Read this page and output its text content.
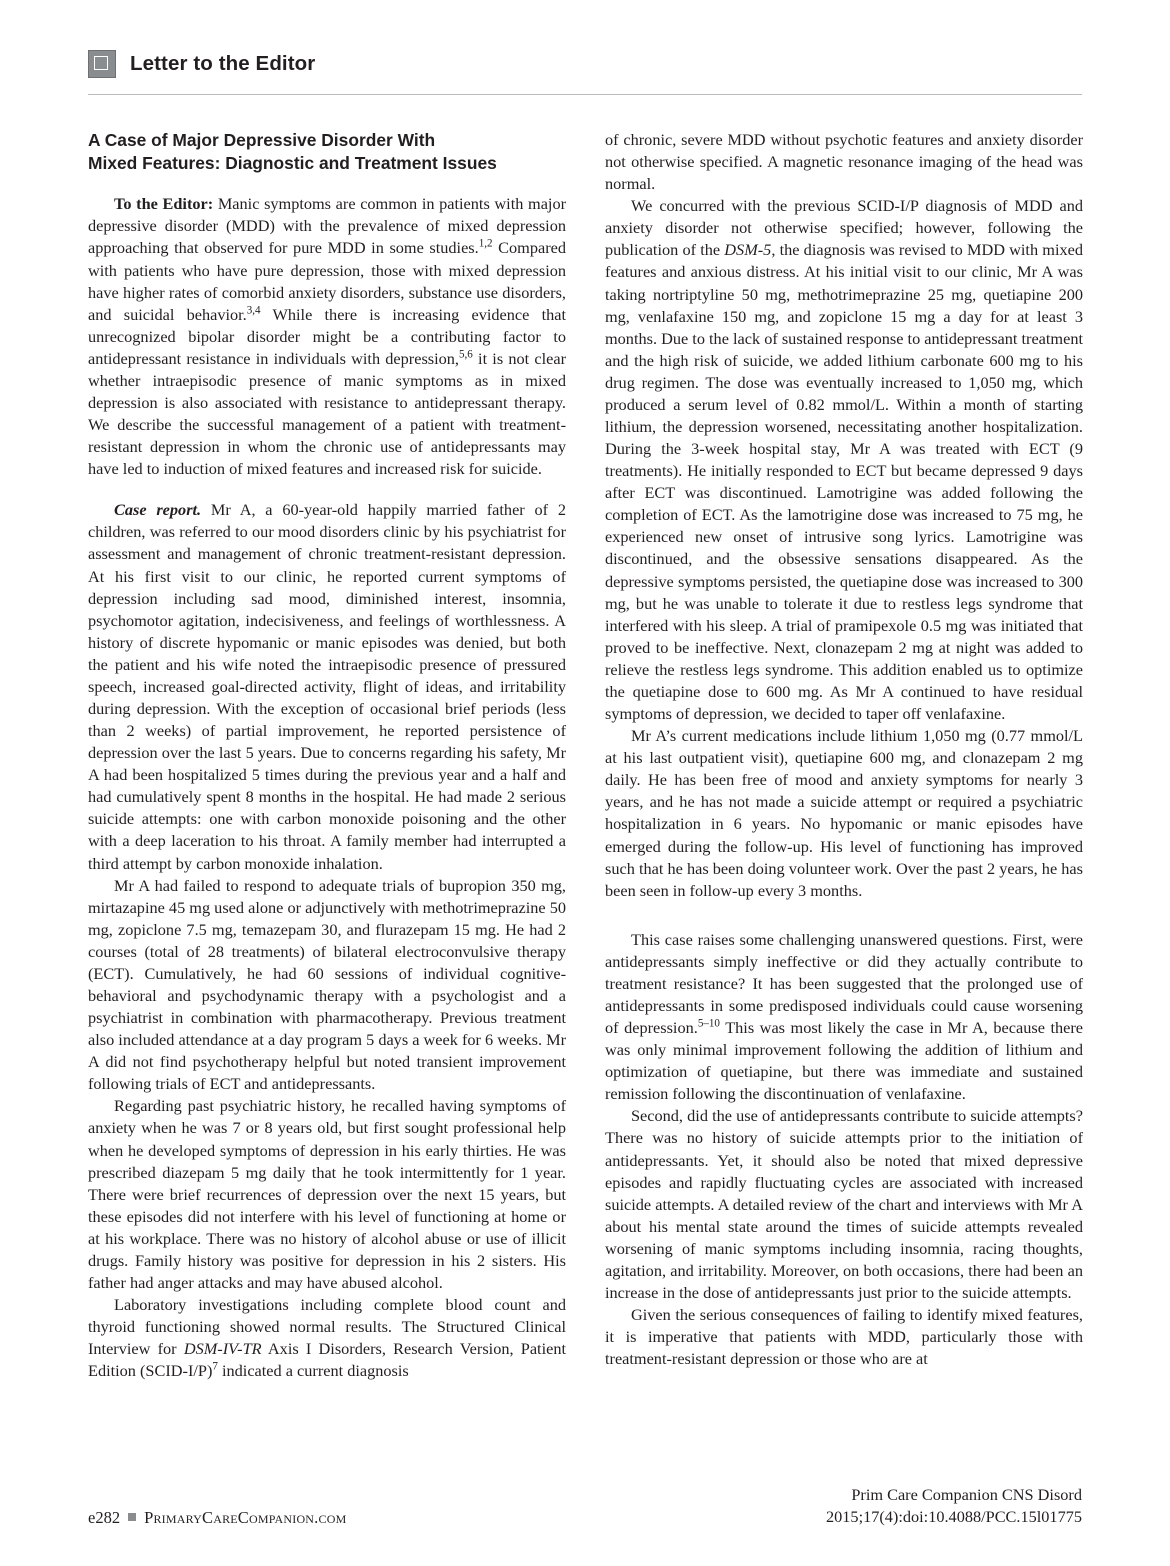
Letter to the Editor
A Case of Major Depressive Disorder With
Mixed Features: Diagnostic and Treatment Issues

To the Editor: Manic symptoms are common in patients with major depressive disorder (MDD) with the prevalence of mixed depression approaching that observed for pure MDD in some studies.$^{1,2}$ Compared with patients who have pure depression, those with mixed depression have higher rates of comorbid anxiety disorders, substance use disorders, and suicidal behavior.$^{3,4}$ While there is increasing evidence that unrecognized bipolar disorder might be a contributing factor to antidepressant resistance in individuals with depression,$^{5,6}$ it is not clear whether intraepisodic presence of manic symptoms as in mixed depression is also associated with resistance to antidepressant therapy. We describe the successful management of a patient with treatment-resistant depression in whom the chronic use of antidepressants may have led to induction of mixed features and increased risk for suicide.

Case report. Mr A, a 60-year-old happily married father of 2 children, was referred to our mood disorders clinic by his psychiatrist for assessment and management of chronic treatment-resistant depression. At his first visit to our clinic, he reported current symptoms of depression including sad mood, diminished interest, insomnia, psychomotor agitation, indecisiveness, and feelings of worthlessness. A history of discrete hypomanic or manic episodes was denied, but both the patient and his wife noted the intraepisodic presence of pressured speech, increased goal-directed activity, flight of ideas, and irritability during depression. With the exception of occasional brief periods (less than 2 weeks) of partial improvement, he reported persistence of depression over the last 5 years. Due to concerns regarding his safety, Mr A had been hospitalized 5 times during the previous year and a half and had cumulatively spent 8 months in the hospital. He had made 2 serious suicide attempts: one with carbon monoxide poisoning and the other with a deep laceration to his throat. A family member had interrupted a third attempt by carbon monoxide inhalation.

Mr A had failed to respond to adequate trials of bupropion 350 mg, mirtazapine 45 mg used alone or adjunctively with methotrimeprazine 50 mg, zopiclone 7.5 mg, temazepam 30, and flurazepam 15 mg. He had 2 courses (total of 28 treatments) of bilateral electroconvulsive therapy (ECT). Cumulatively, he had 60 sessions of individual cognitive-behavioral and psychodynamic therapy with a psychologist and a psychiatrist in combination with pharmacotherapy. Previous treatment also included attendance at a day program 5 days a week for 6 weeks. Mr A did not find psychotherapy helpful but noted transient improvement following trials of ECT and antidepressants.

Regarding past psychiatric history, he recalled having symptoms of anxiety when he was 7 or 8 years old, but first sought professional help when he developed symptoms of depression in his early thirties. He was prescribed diazepam 5 mg daily that he took intermittently for 1 year. There were brief recurrences of depression over the next 15 years, but these episodes did not interfere with his level of functioning at home or at his workplace. There was no history of alcohol abuse or use of illicit drugs. Family history was positive for depression in his 2 sisters. His father had anger attacks and may have abused alcohol.

Laboratory investigations including complete blood count and thyroid functioning showed normal results. The Structured Clinical Interview for DSM-IV-TR Axis I Disorders, Research Version, Patient Edition (SCID-I/P)$^7$ indicated a current diagnosis

of chronic, severe MDD without psychotic features and anxiety disorder not otherwise specified. A magnetic resonance imaging of the head was normal.

We concurred with the previous SCID-I/P diagnosis of MDD and anxiety disorder not otherwise specified; however, following the publication of the DSM-5, the diagnosis was revised to MDD with mixed features and anxious distress. At his initial visit to our clinic, Mr A was taking nortriptyline 50 mg, methotrimeprazine 25 mg, quetiapine 200 mg, venlafaxine 150 mg, and zopiclone 15 mg a day for at least 3 months. Due to the lack of sustained response to antidepressant treatment and the high risk of suicide, we added lithium carbonate 600 mg to his drug regimen. The dose was eventually increased to 1,050 mg, which produced a serum level of 0.82 mmol/L. Within a month of starting lithium, the depression worsened, necessitating another hospitalization. During the 3-week hospital stay, Mr A was treated with ECT (9 treatments). He initially responded to ECT but became depressed 9 days after ECT was discontinued. Lamotrigine was added following the completion of ECT. As the lamotrigine dose was increased to 75 mg, he experienced new onset of intrusive song lyrics. Lamotrigine was discontinued, and the obsessive sensations disappeared. As the depressive symptoms persisted, the quetiapine dose was increased to 300 mg, but he was unable to tolerate it due to restless legs syndrome that interfered with his sleep. A trial of pramipexole 0.5 mg was initiated that proved to be ineffective. Next, clonazepam 2 mg at night was added to relieve the restless legs syndrome. This addition enabled us to optimize the quetiapine dose to 600 mg. As Mr A continued to have residual symptoms of depression, we decided to taper off venlafaxine.

Mr A’s current medications include lithium 1,050 mg (0.77 mmol/L at his last outpatient visit), quetiapine 600 mg, and clonazepam 2 mg daily. He has been free of mood and anxiety symptoms for nearly 3 years, and he has not made a suicide attempt or required a psychiatric hospitalization in 6 years. No hypomanic or manic episodes have emerged during the follow-up. His level of functioning has improved such that he has been doing volunteer work. Over the past 2 years, he has been seen in follow-up every 3 months.

This case raises some challenging unanswered questions. First, were antidepressants simply ineffective or did they actually contribute to treatment resistance? It has been suggested that the prolonged use of antidepressants in some predisposed individuals could cause worsening of depression.$^{5-10}$ This was most likely the case in Mr A, because there was only minimal improvement following the addition of lithium and optimization of quetiapine, but there was immediate and sustained remission following the discontinuation of venlafaxine.

Second, did the use of antidepressants contribute to suicide attempts? There was no history of suicide attempts prior to the initiation of antidepressants. Yet, it should also be noted that mixed depressive episodes and rapidly fluctuating cycles are associated with increased suicide attempts. A detailed review of the chart and interviews with Mr A about his mental state around the times of suicide attempts revealed worsening of manic symptoms including insomnia, racing thoughts, agitation, and irritability. Moreover, on both occasions, there had been an increase in the dose of antidepressants just prior to the suicide attempts.

Given the serious consequences of failing to identify mixed features, it is imperative that patients with MDD, particularly those with treatment-resistant depression or those who are at

e282 PrimaryCareCompanion.com
Prim Care Companion CNS Disord
2015;17(4):doi:10.4088/PCC.15l01775
